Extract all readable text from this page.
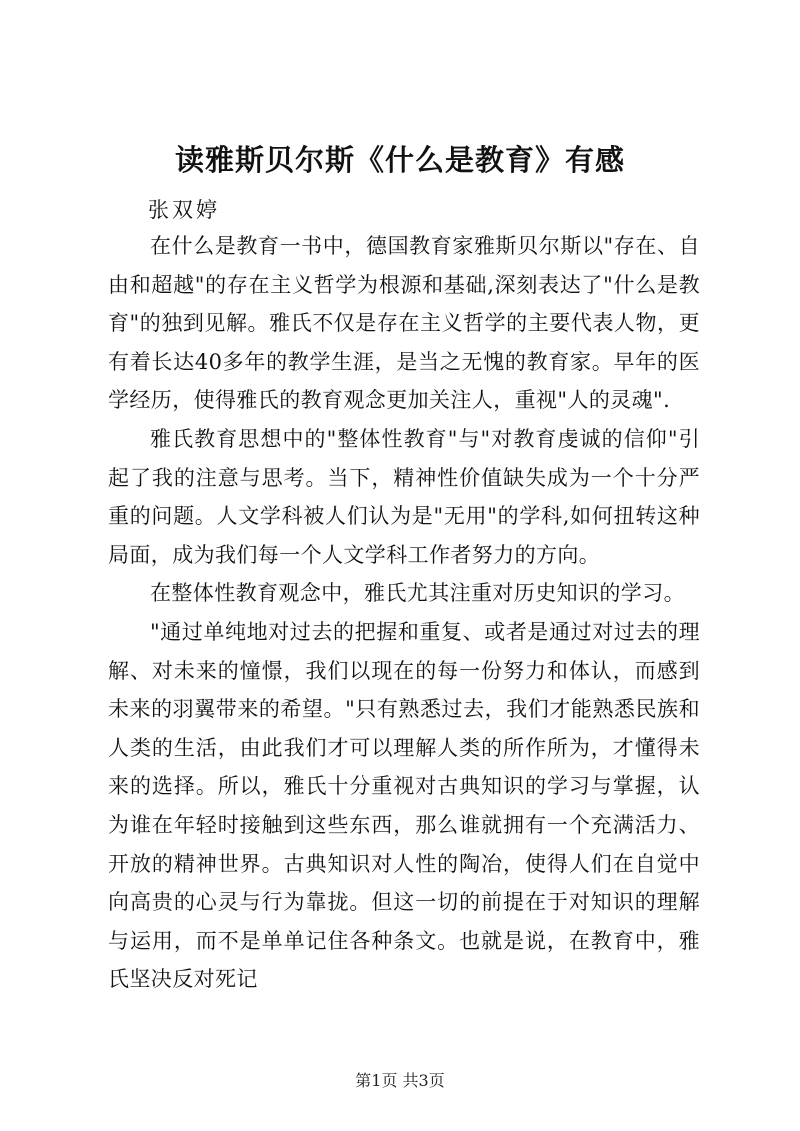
读雅斯贝尔斯《什么是教育》有感
张双婷

在什么是教育一书中，德国教育家雅斯贝尔斯以"存在、自由和超越"的存在主义哲学为根源和基础,深刻表达了"什么是教育"的独到见解。雅氏不仅是存在主义哲学的主要代表人物，更有着长达40多年的教学生涯，是当之无愧的教育家。早年的医学经历，使得雅氏的教育观念更加关注人，重视"人的灵魂".

雅氏教育思想中的"整体性教育"与"对教育虔诚的信仰"引起了我的注意与思考。当下，精神性价值缺失成为一个十分严重的问题。人文学科被人们认为是"无用"的学科,如何扭转这种局面，成为我们每一个人文学科工作者努力的方向。

在整体性教育观念中，雅氏尤其注重对历史知识的学习。

"通过单纯地对过去的把握和重复、或者是通过对过去的理解、对未来的憧憬，我们以现在的每一份努力和体认，而感到未来的羽翼带来的希望。"只有熟悉过去，我们才能熟悉民族和人类的生活，由此我们才可以理解人类的所作所为，才懂得未来的选择。所以，雅氏十分重视对古典知识的学习与掌握，认为谁在年轻时接触到这些东西，那么谁就拥有一个充满活力、开放的精神世界。古典知识对人性的陶冶，使得人们在自觉中向高贵的心灵与行为靠拢。但这一切的前提在于对知识的理解与运用，而不是单单记住各种条文。也就是说，在教育中，雅氏坚决反对死记

第1页 共3页
